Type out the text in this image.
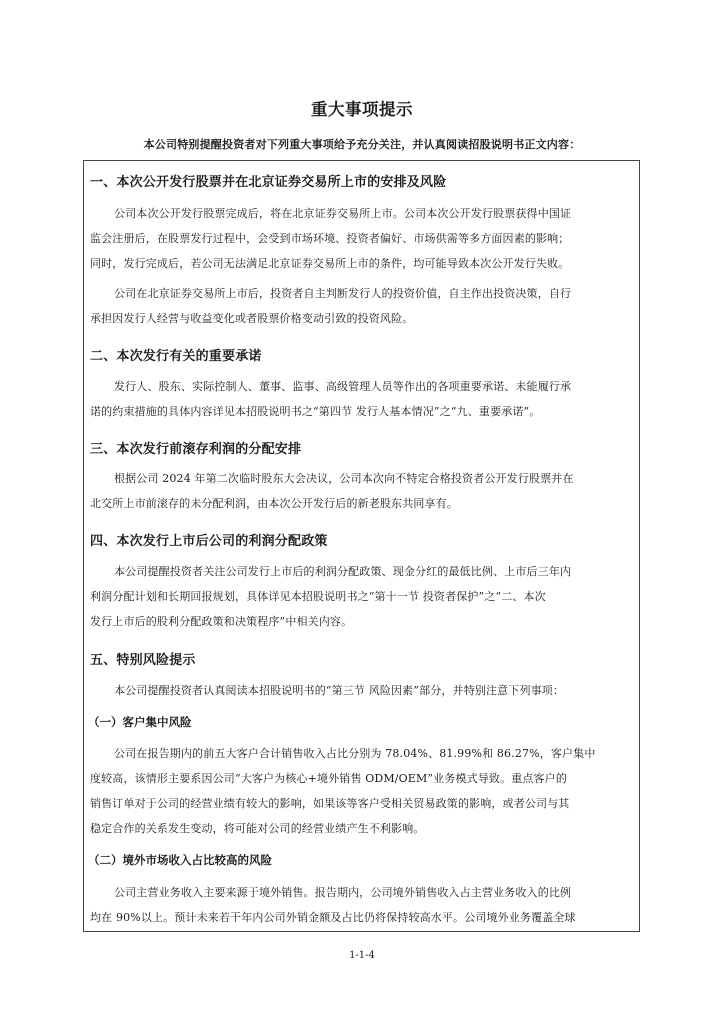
重大事项提示
本公司特别提醒投资者对下列重大事项给予充分关注，并认真阅读招股说明书正文内容：
一、本次公开发行股票并在北京证券交易所上市的安排及风险
公司本次公开发行股票完成后，将在北京证券交易所上市。公司本次公开发行股票获得中国证
监会注册后，在股票发行过程中，会受到市场环境、投资者偏好、市场供需等多方面因素的影响；
同时，发行完成后，若公司无法满足北京证券交易所上市的条件，均可能导致本次公开发行失败。
公司在北京证券交易所上市后，投资者自主判断发行人的投资价值，自主作出投资决策，自行
承担因发行人经营与收益变化或者股票价格变动引致的投资风险。
二、本次发行有关的重要承诺
发行人、股东、实际控制人、董事、监事、高级管理人员等作出的各项重要承诺、未能履行承
诺的约束措施的具体内容详见本招股说明书之“第四节 发行人基本情况”之“九、重要承诺”。
三、本次发行前滚存利润的分配安排
根据公司 2024 年第二次临时股东大会决议，公司本次向不特定合格投资者公开发行股票并在
北交所上市前滚存的未分配利润，由本次公开发行后的新老股东共同享有。
四、本次发行上市后公司的利润分配政策
本公司提醒投资者关注公司发行上市后的利润分配政策、现金分红的最低比例、上市后三年内
利润分配计划和长期回报规划，具体详见本招股说明书之“第十一节 投资者保护”之“二、本次
发行上市后的股利分配政策和决策程序”中相关内容。
五、特别风险提示
本公司提醒投资者认真阅读本招股说明书的“第三节 风险因素”部分，并特别注意下列事项：
（一）客户集中风险
公司在报告期内的前五大客户合计销售收入占比分别为 78.04%、81.99%和 86.27%，客户集中
度较高，该情形主要系因公司“大客户为核心+境外销售 ODM/OEM”业务模式导致。重点客户的
销售订单对于公司的经营业绩有较大的影响，如果该等客户受相关贸易政策的影响，或者公司与其
稳定合作的关系发生变动，将可能对公司的经营业绩产生不利影响。
（二）境外市场收入占比较高的风险
公司主营业务收入主要来源于境外销售。报告期内，公司境外销售收入占主营业务收入的比例
均在 90%以上。预计未来若干年内公司外销金额及占比仍将保持较高水平。公司境外业务覆盖全球
1-1-4
